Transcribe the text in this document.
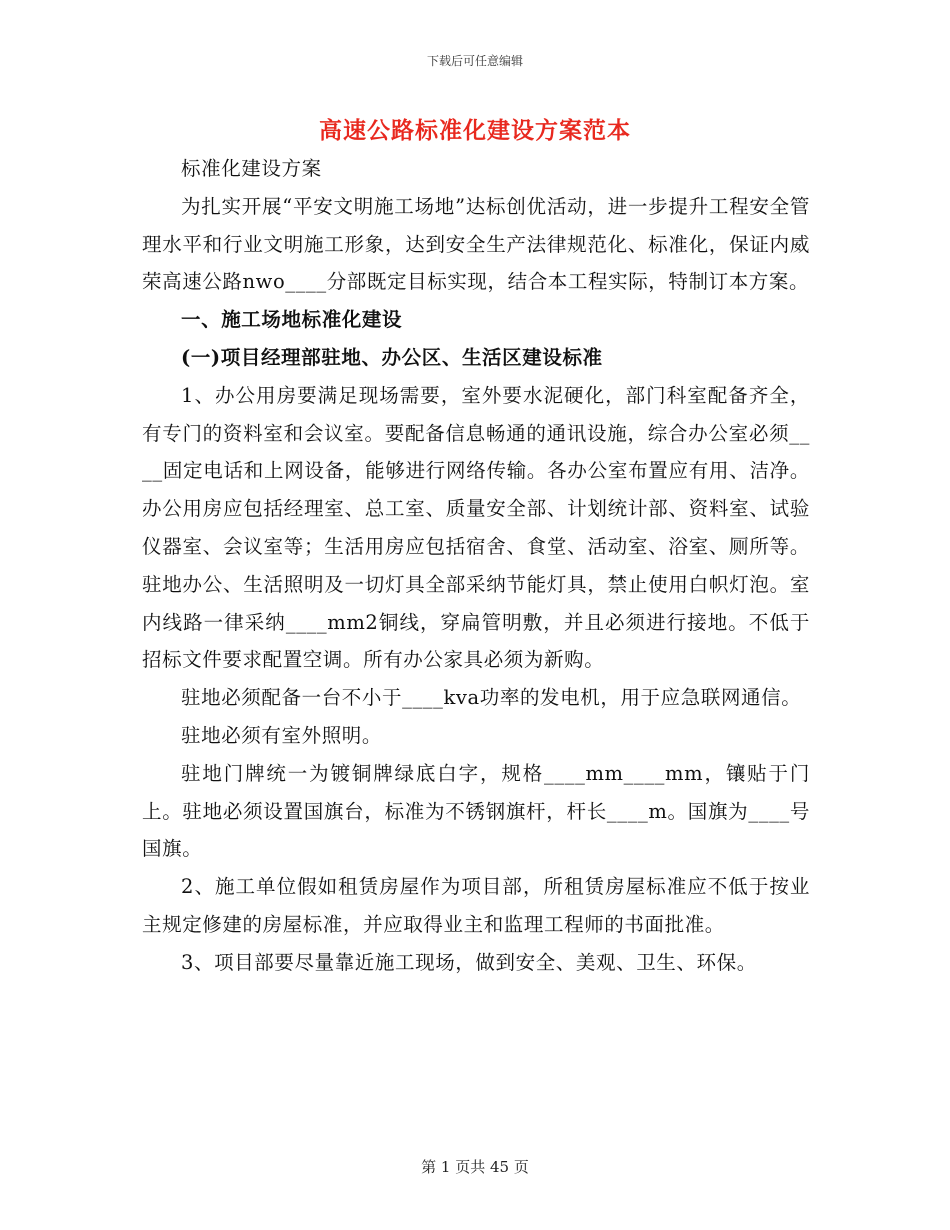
下载后可任意编辑
高速公路标准化建设方案范本

标准化建设方案

为扎实开展“平安文明施工场地”达标创优活动，进一步提升工程安全管理水平和行业文明施工形象，达到安全生产法律规范化、标准化，保证内威荣高速公路nwo____分部既定目标实现，结合本工程实际，特制订本方案。

一、施工场地标准化建设

(一)项目经理部驻地、办公区、生活区建设标准

1、办公用房要满足现场需要，室外要水泥硬化，部门科室配备齐全，有专门的资料室和会议室。要配备信息畅通的通讯设施，综合办公室必须____固定电话和上网设备，能够进行网络传输。各办公室布置应有用、洁净。办公用房应包括经理室、总工室、质量安全部、计划统计部、资料室、试验仪器室、会议室等；生活用房应包括宿舍、食堂、活动室、浴室、厕所等。驻地办公、生活照明及一切灯具全部采纳节能灯具，禁止使用白帜灯泡。室内线路一律采纳____mm2铜线，穿扁管明敷，并且必须进行接地。不低于招标文件要求配置空调。所有办公家具必须为新购。

驻地必须配备一台不小于____kva功率的发电机，用于应急联网通信。

驻地必须有室外照明。

驻地门牌统一为镀铜牌绿底白字，规格____mm____mm，镶贴于门上。驻地必须设置国旗台，标准为不锈钢旗杆，杆长____m。国旗为____号国旗。

2、施工单位假如租赁房屋作为项目部，所租赁房屋标准应不低于按业主规定修建的房屋标准，并应取得业主和监理工程师的书面批准。

3、项目部要尽量靠近施工现场，做到安全、美观、卫生、环保。

第 1 页共 45 页
